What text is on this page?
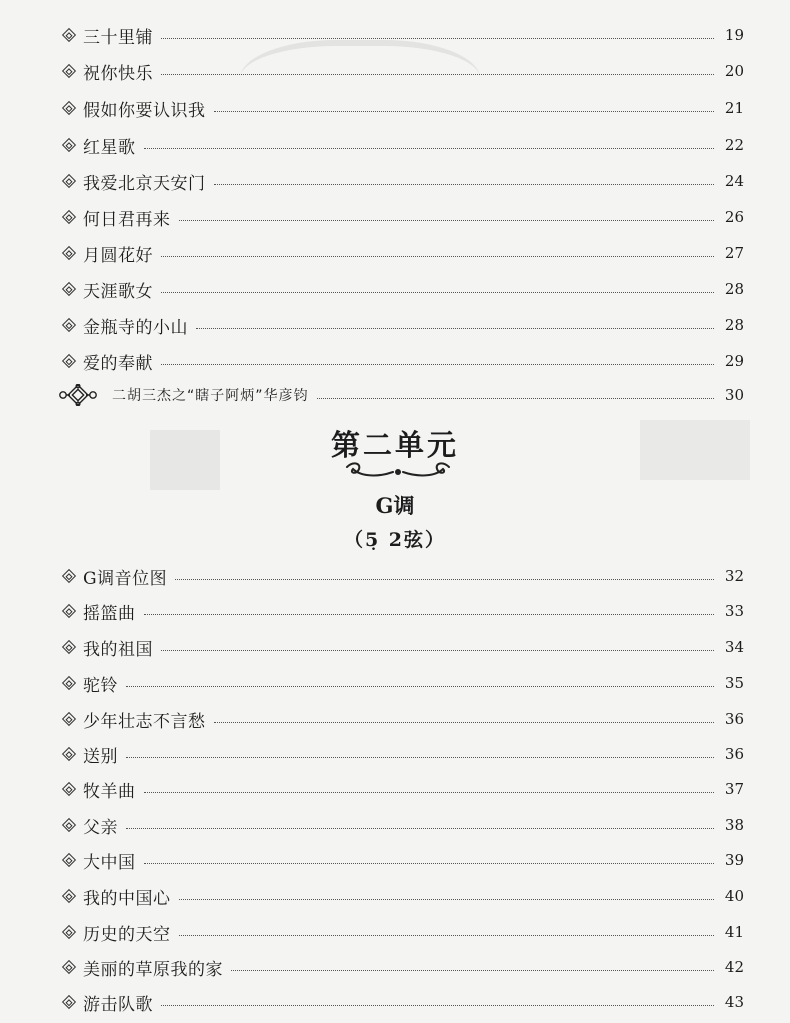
三十里铺	19
祝你快乐	20
假如你要认识我	21
红星歌	22
我爱北京天安门	24
何日君再来	26
月圆花好	27
天涯歌女	28
金瓶寺的小山	28
爱的奉献	29
二胡三杰之“瞎子阿炳”华彦钧	30
第二单元
G调
（5̣ 2弦）
G调音位图	32
摇篮曲	33
我的祖国	34
驼铃	35
少年壮志不言愁	36
送别	36
牧羊曲	37
父亲	38
大中国	39
我的中国心	40
历史的天空	41
美丽的草原我的家	42
游击队歌	43
